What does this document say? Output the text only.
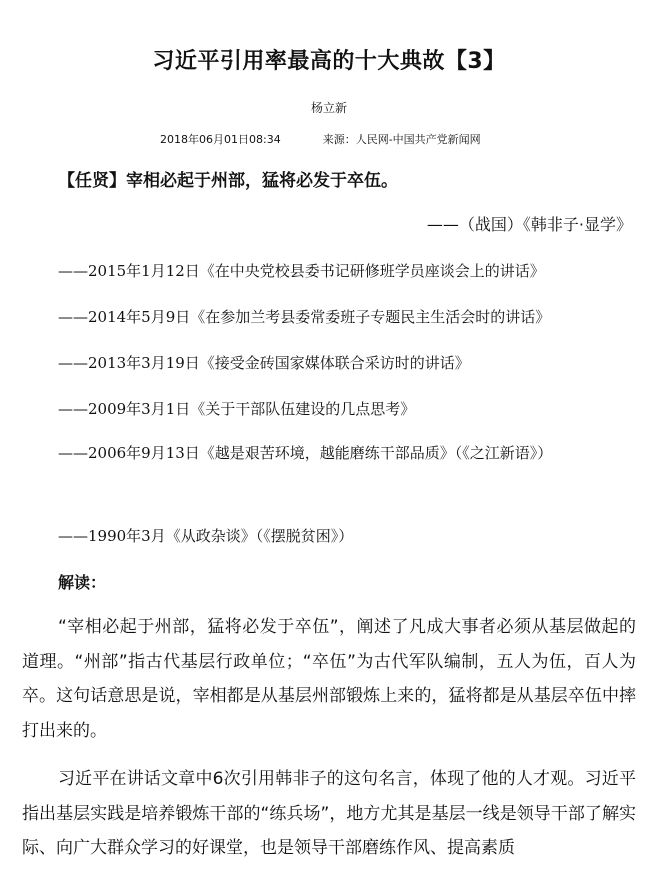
习近平引用率最高的十大典故【3】
杨立新
2018年06月01日08:34	来源：人民网-中国共产党新闻网
【任贤】宰相必起于州部，猛将必发于卒伍。
——（战国）《韩非子·显学》
——2015年1月12日《在中央党校县委书记研修班学员座谈会上的讲话》
——2014年5月9日《在参加兰考县委常委班子专题民主生活会时的讲话》
——2013年3月19日《接受金砖国家媒体联合采访时的讲话》
——2009年3月1日《关于干部队伍建设的几点思考》
——2006年9月13日《越是艰苦环境，越能磨练干部品质》（《之江新语》）
——1990年3月《从政杂谈》（《摆脱贫困》）
解读：

“宰相必起于州部，猛将必发于卒伍”，阐述了凡成大事者必须从基层做起的道理。“州部”指古代基层行政单位；“卒伍”为古代军队编制，五人为伍，百人为卒。这句话意思是说，宰相都是从基层州部锻炼上来的，猛将都是从基层卒伍中摔打出来的。

习近平在讲话文章中6次引用韩非子的这句名言，体现了他的人才观。习近平指出基层实践是培养锻炼干部的“练兵场”，地方尤其是基层一线是领导干部了解实际、向广大群众学习的好课堂，也是领导干部磨练作风、提高素质
